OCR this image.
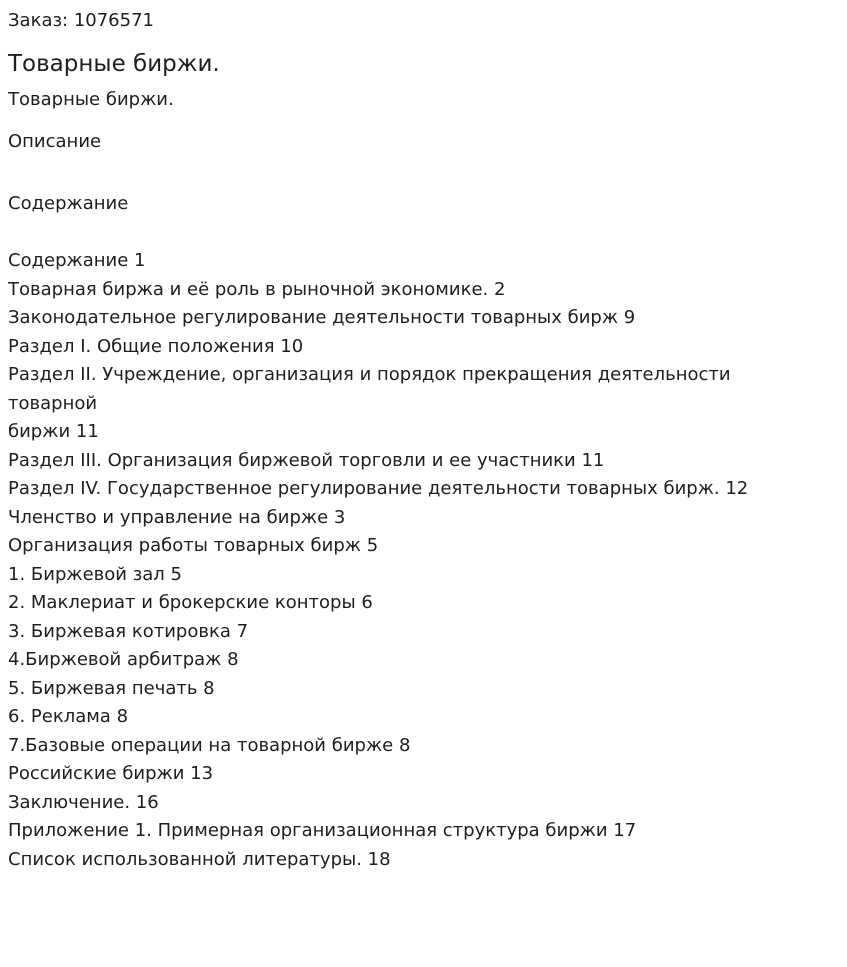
Заказ: 1076571
Товарные биржи.
Товарные биржи.
Описание
Содержание
Содержание 1
Товарная биржа и её роль в рыночной экономике. 2
Законодательное регулирование деятельности товарных бирж 9
Раздел I. Общие положения 10
Раздел II. Учреждение, организация и порядок прекращения деятельности товарной
биржи 11
Раздел III. Организация биржевой торговли и ее участники 11
Раздел IV. Государственное регулирование деятельности товарных бирж. 12
Членство и управление на бирже 3
Организация работы товарных бирж 5
1. Биржевой зал 5
2. Маклериат и брокерские конторы 6
3. Биржевая котировка 7
4.Биржевой арбитраж 8
5. Биржевая печать 8
6. Реклама 8
7.Базовые операции на товарной бирже 8
Российские биржи 13
Заключение. 16
Приложение 1. Примерная организационная структура биржи 17
Список использованной литературы. 18
